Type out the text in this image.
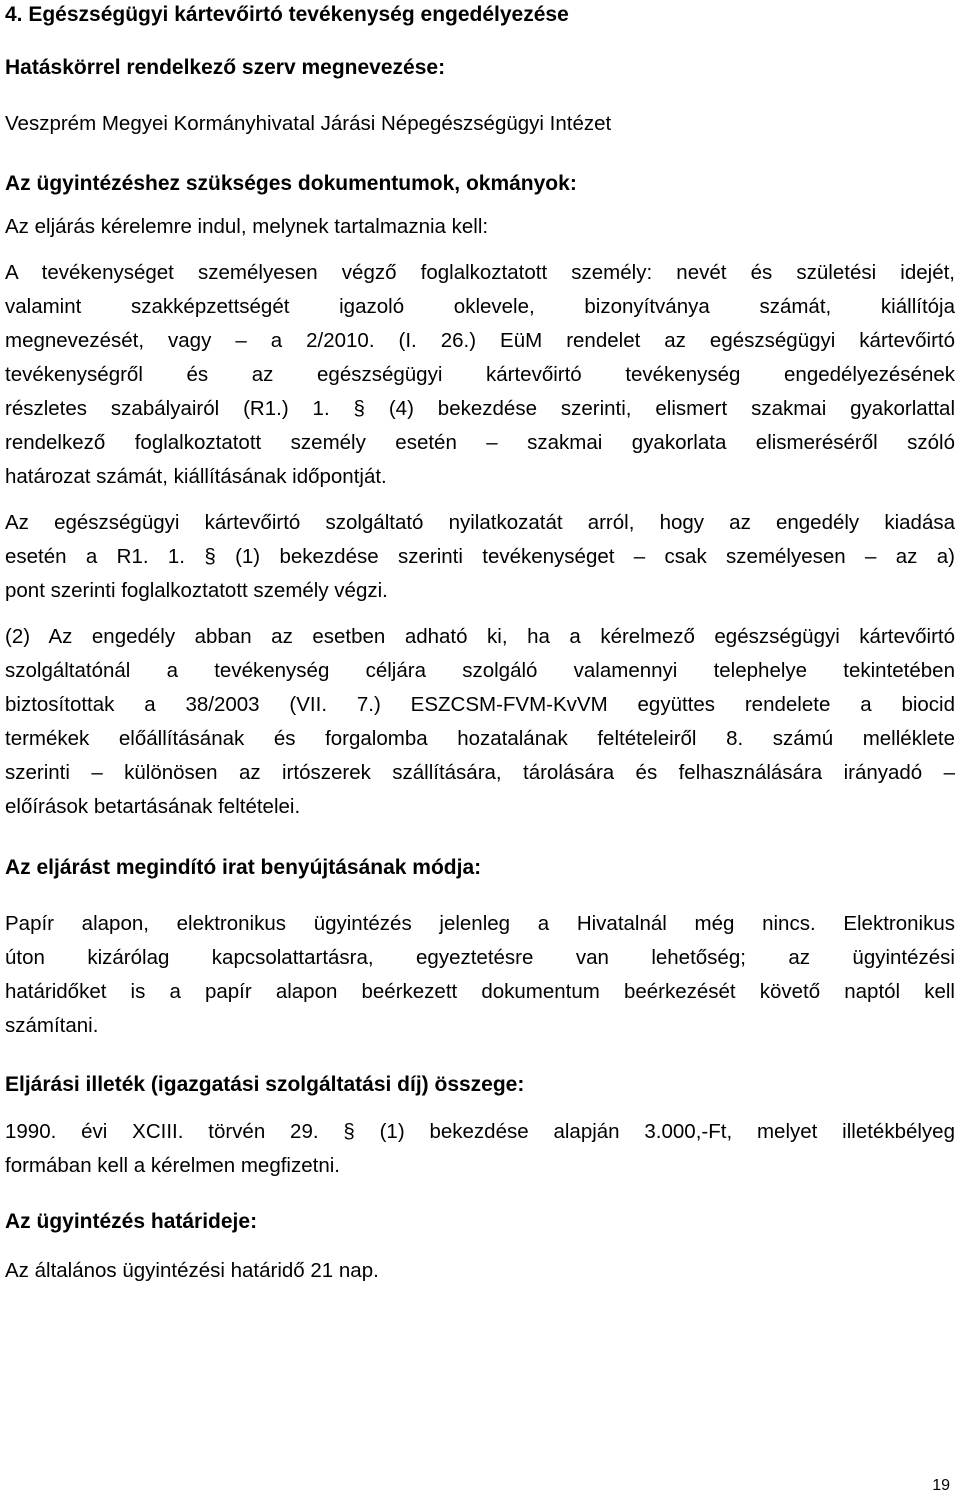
4. Egészségügyi kártevőirtó tevékenység engedélyezése
Hatáskörrel rendelkező szerv megnevezése:

Veszprém Megyei Kormányhivatal Járási Népegészségügyi Intézet

Az ügyintézéshez szükséges dokumentumok, okmányok:

Az eljárás kérelemre indul, melynek tartalmaznia kell:

A tevékenységet személyesen végző foglalkoztatott személy: nevét és születési idejét,
valamint szakképzettségét igazoló oklevele, bizonyítványa számát, kiállítója
megnevezését, vagy – a 2/2010. (I. 26.) EüM rendelet az egészségügyi kártevőirtó
tevékenységről és az egészségügyi kártevőirtó tevékenység engedélyezésének
részletes szabályairól (R1.) 1. § (4) bekezdése szerinti, elismert szakmai gyakorlattal
rendelkező foglalkoztatott személy esetén – szakmai gyakorlata elismeréséről szóló
határozat számát, kiállításának időpontját.
Az egészségügyi kártevőirtó szolgáltató nyilatkozatát arról, hogy az engedély kiadása
esetén a R1. 1. § (1) bekezdése szerinti tevékenységet – csak személyesen – az a)
pont szerinti foglalkoztatott személy végzi.
(2) Az engedély abban az esetben adható ki, ha a kérelmező egészségügyi kártevőirtó
szolgáltatónál a tevékenység céljára szolgáló valamennyi telephelye tekintetében
biztosítottak a 38/2003 (VII. 7.) ESZCSM-FVM-KvVM együttes rendelete a biocid
termékek előállításának és forgalomba hozatalának feltételeiről 8. számú melléklete
szerinti – különösen az irtószerek szállítására, tárolására és felhasználására irányadó –
előírások betartásának feltételei.
Az eljárást megindító irat benyújtásának módja:
Papír alapon, elektronikus ügyintézés jelenleg a Hivatalnál még nincs. Elektronikus
úton kizárólag kapcsolattartásra, egyeztetésre van lehetőség; az ügyintézési
határidőket is a papír alapon beérkezett dokumentum beérkezését követő naptól kell
számítani.
Eljárási illeték (igazgatási szolgáltatási díj) összege:
1990. évi XCIII. törvén 29. § (1) bekezdése alapján 3.000,-Ft, melyet illetékbélyeg
formában kell a kérelmen megfizetni.
Az ügyintézés határideje:

Az általános ügyintézési határidő 21 nap.

19
